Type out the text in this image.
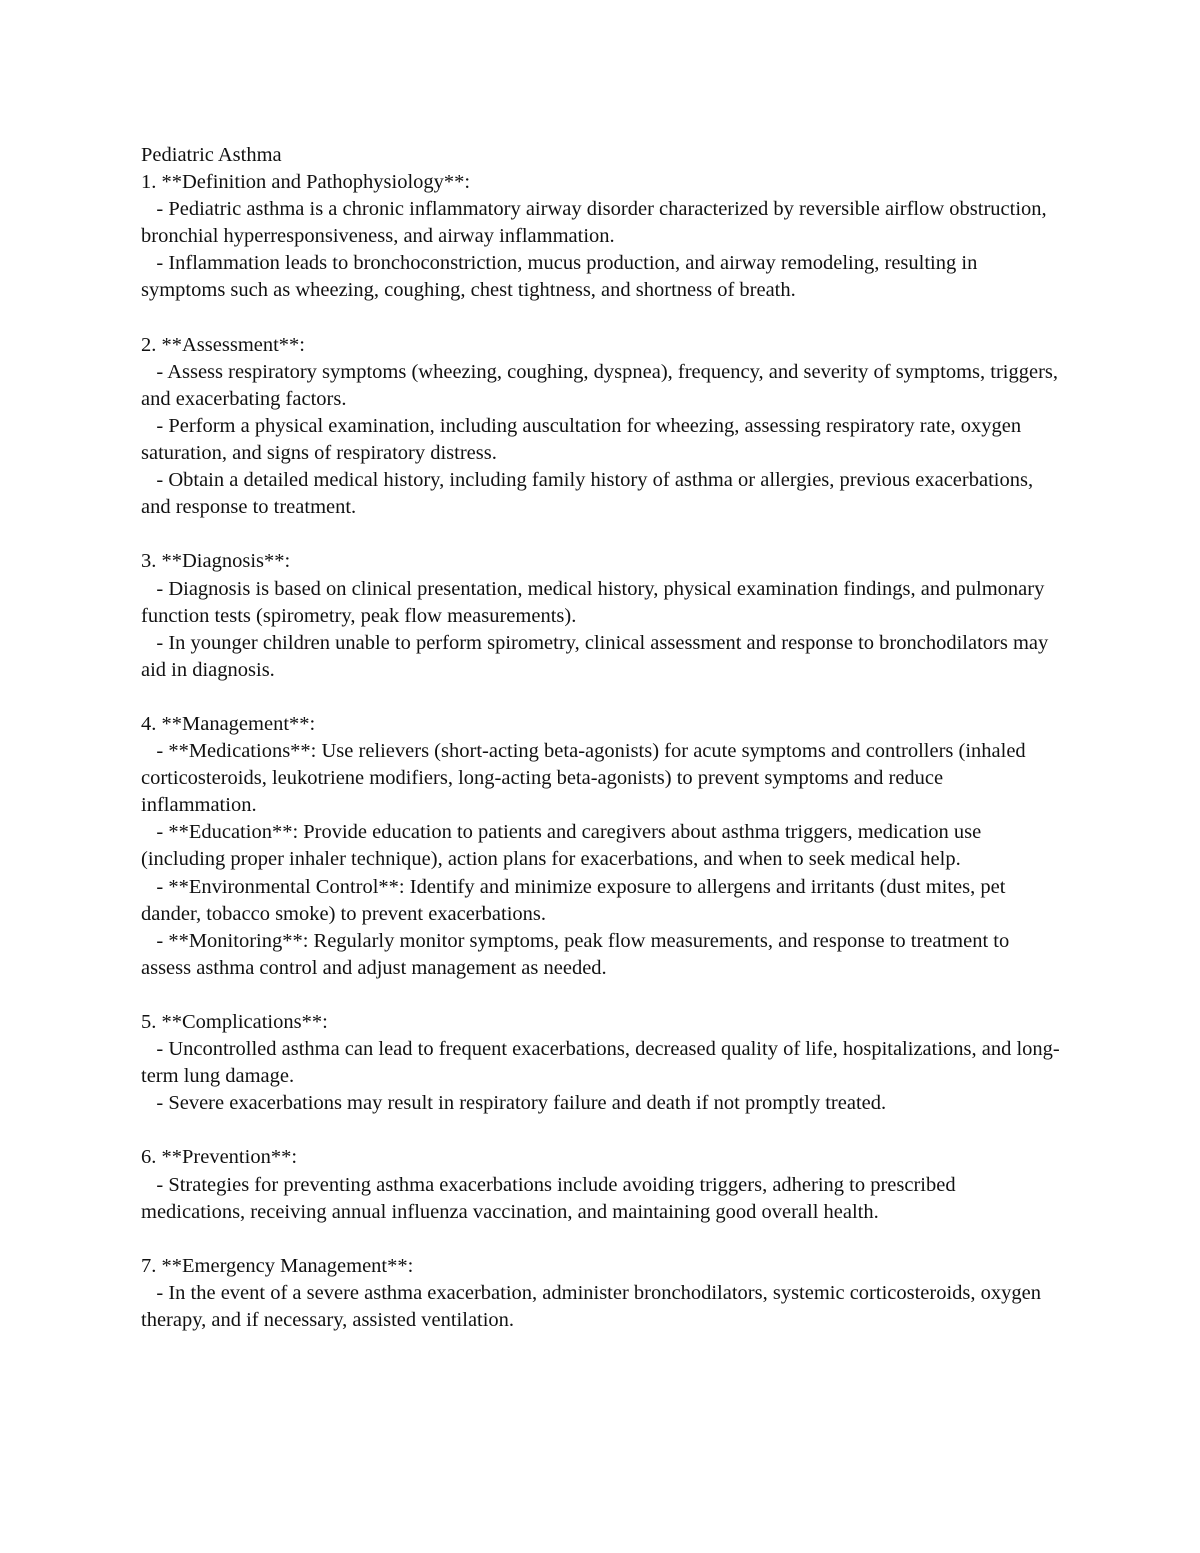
Pediatric Asthma

1. **Definition and Pathophysiology**:

- Pediatric asthma is a chronic inflammatory airway disorder characterized by reversible airflow obstruction, bronchial hyperresponsiveness, and airway inflammation.

- Inflammation leads to bronchoconstriction, mucus production, and airway remodeling, resulting in symptoms such as wheezing, coughing, chest tightness, and shortness of breath.

2. **Assessment**:

- Assess respiratory symptoms (wheezing, coughing, dyspnea), frequency, and severity of symptoms, triggers, and exacerbating factors.

- Perform a physical examination, including auscultation for wheezing, assessing respiratory rate, oxygen saturation, and signs of respiratory distress.

- Obtain a detailed medical history, including family history of asthma or allergies, previous exacerbations, and response to treatment.

3. **Diagnosis**:

- Diagnosis is based on clinical presentation, medical history, physical examination findings, and pulmonary function tests (spirometry, peak flow measurements).

- In younger children unable to perform spirometry, clinical assessment and response to bronchodilators may aid in diagnosis.

4. **Management**:

- **Medications**: Use relievers (short-acting beta-agonists) for acute symptoms and controllers (inhaled corticosteroids, leukotriene modifiers, long-acting beta-agonists) to prevent symptoms and reduce inflammation.

- **Education**: Provide education to patients and caregivers about asthma triggers, medication use (including proper inhaler technique), action plans for exacerbations, and when to seek medical help.

- **Environmental Control**: Identify and minimize exposure to allergens and irritants (dust mites, pet dander, tobacco smoke) to prevent exacerbations.

- **Monitoring**: Regularly monitor symptoms, peak flow measurements, and response to treatment to assess asthma control and adjust management as needed.

5. **Complications**:

- Uncontrolled asthma can lead to frequent exacerbations, decreased quality of life, hospitalizations, and long-term lung damage.

- Severe exacerbations may result in respiratory failure and death if not promptly treated.

6. **Prevention**:

- Strategies for preventing asthma exacerbations include avoiding triggers, adhering to prescribed medications, receiving annual influenza vaccination, and maintaining good overall health.

7. **Emergency Management**:

- In the event of a severe asthma exacerbation, administer bronchodilators, systemic corticosteroids, oxygen therapy, and if necessary, assisted ventilation.
